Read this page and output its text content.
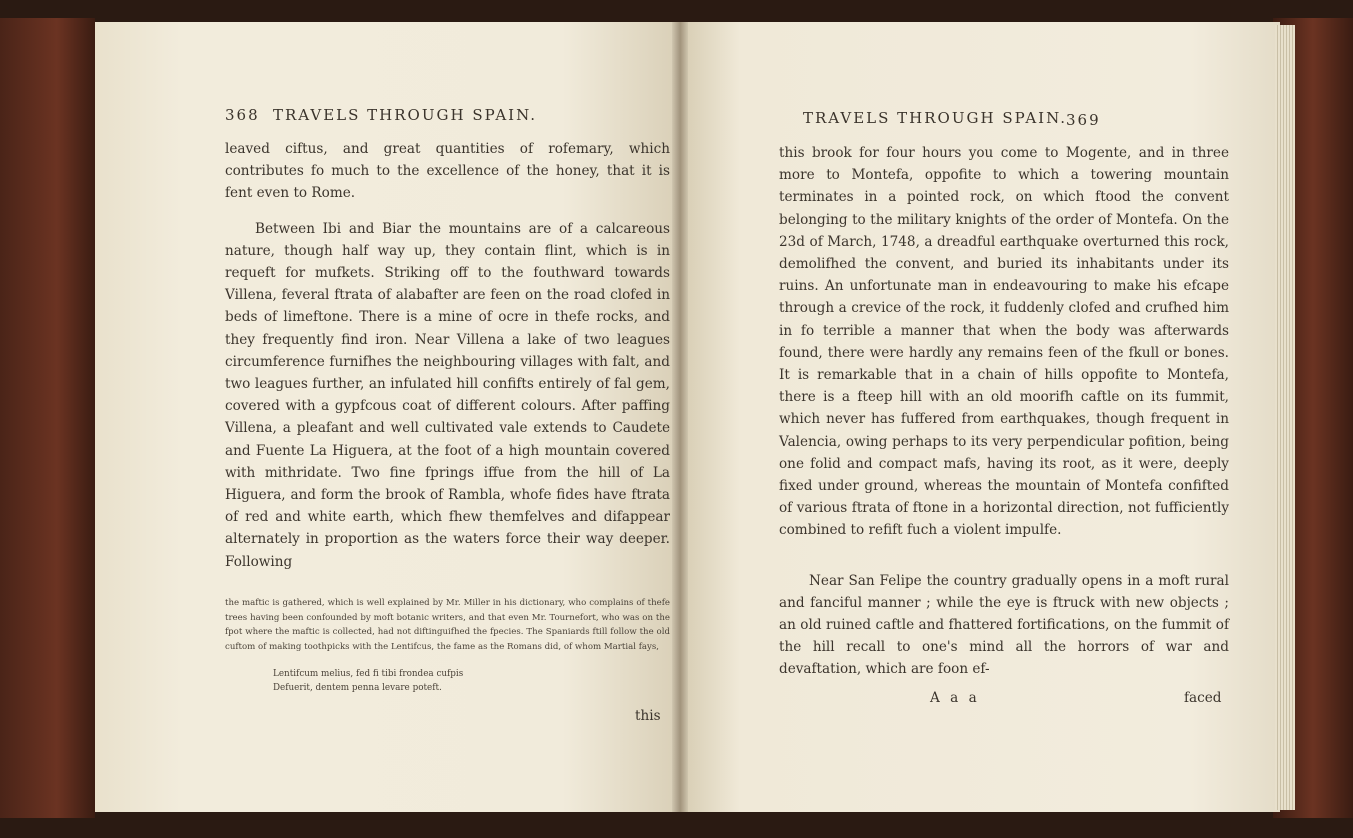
368 TRAVELS THROUGH SPAIN.

leaved ciftus, and great quantities of rofemary, which contributes fo much to the excellence of the honey, that it is fent even to Rome.

Between Ibi and Biar the mountains are of a calcareous nature, though half way up, they contain flint, which is in requeft for mufkets. Striking off to the fouthward towards Villena, feveral ftrata of alabafter are feen on the road clofed in beds of limeftone. There is a mine of ocre in thefe rocks, and they frequently find iron. Near Villena a lake of two leagues circumference furnifhes the neighbouring villages with falt, and two leagues further, an infulated hill confifts entirely of fal gem, covered with a gypfcous coat of different colours. After paffing Villena, a pleafant and well cultivated vale extends to Caudete and Fuente La Higuera, at the foot of a high mountain covered with mithridate. Two fine fprings iffue from the hill of La Higuera, and form the brook of Rambla, whofe fides have ftrata of red and white earth, which fhew themfelves and difappear alternately in proportion as the waters force their way deeper. Following

the maftic is gathered, which is well explained by Mr. Miller in his dictionary, who complains of thefe trees having been confounded by moft botanic writers, and that even Mr. Tournefort, who was on the fpot where the maftic is collected, had not diftinguifhed the fpecies. The Spaniards ftill follow the old cuftom of making toothpicks with the Lentifcus, the fame as the Romans did, of whom Martial fays,

Lentifcum melius, fed fi tibi frondea cufpis
Defuerit, dentem penna levare poteft.
this
TRAVELS THROUGH SPAIN.
369

this brook for four hours you come to Mogente, and in three more to Montefa, oppofite to which a towering mountain terminates in a pointed rock, on which ftood the convent belonging to the military knights of the order of Montefa. On the 23d of March, 1748, a dreadful earthquake overturned this rock, demolifhed the convent, and buried its inhabitants under its ruins. An unfortunate man in endeavouring to make his efcape through a crevice of the rock, it fuddenly clofed and crufhed him in fo terrible a manner that when the body was afterwards found, there were hardly any remains feen of the fkull or bones. It is remarkable that in a chain of hills oppofite to Montefa, there is a fteep hill with an old moorifh caftle on its fummit, which never has fuffered from earthquakes, though frequent in Valencia, owing perhaps to its very perpendicular pofition, being one folid and compact mafs, having its root, as it were, deeply fixed under ground, whereas the mountain of Montefa confifted of various ftrata of ftone in a horizontal direction, not fufficiently combined to refift fuch a violent impulfe.

Near San Felipe the country gradually opens in a moft rural and fanciful manner ; while the eye is ftruck with new objects ; an old ruined caftle and fhattered fortifications, on the fummit of the hill recall to one's mind all the horrors of war and devaftation, which are foon ef-

A a a	faced
